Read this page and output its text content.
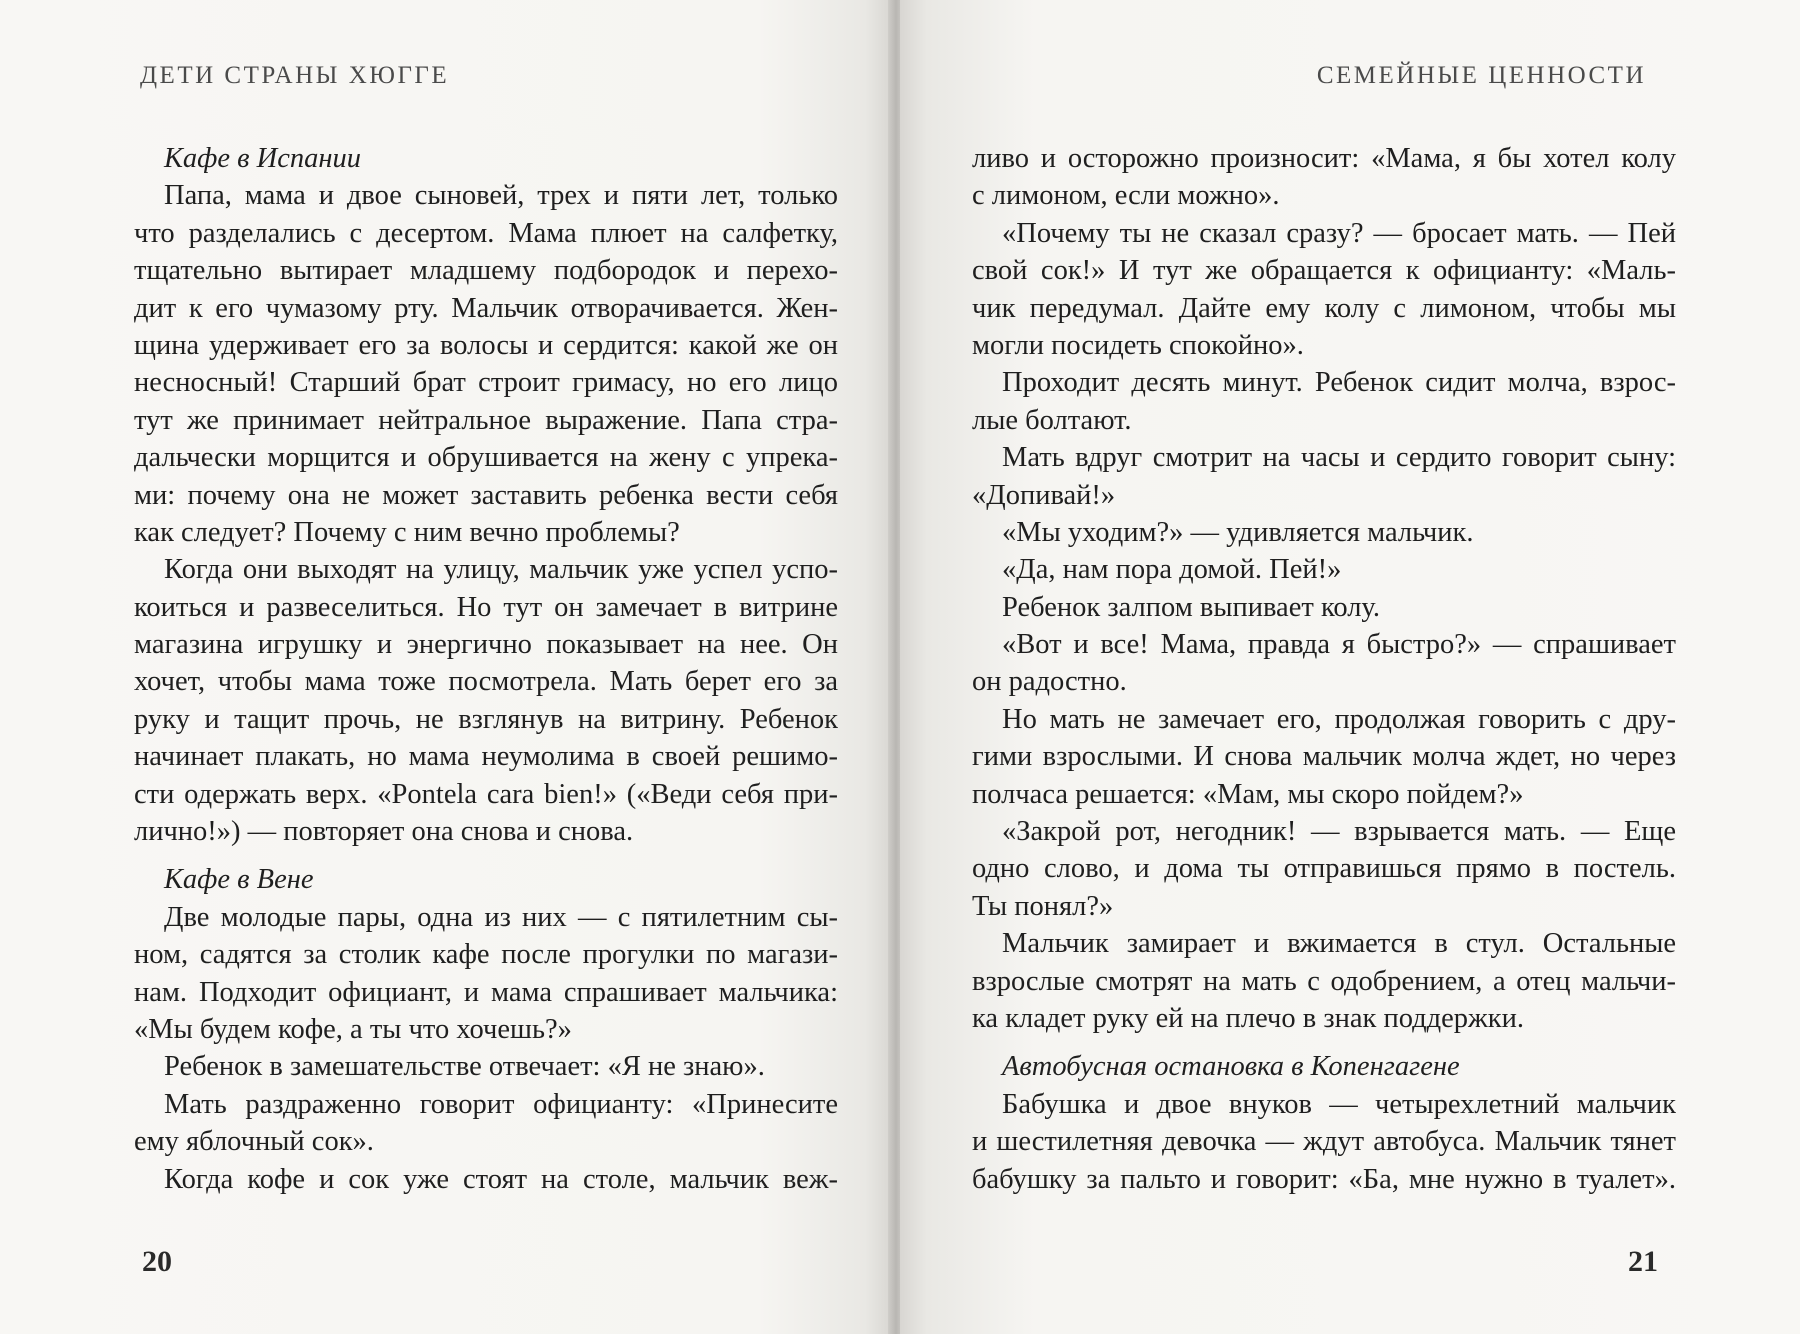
ДЕТИ СТРАНЫ ХЮГГЕ
Кафе в Испании
Папа, мама и двое сыновей, трех и пяти лет, только
что разделались с десертом. Мама плюет на салфетку,
тщательно вытирает младшему подбородок и перехо-
дит к его чумазому рту. Мальчик отворачивается. Жен-
щина удерживает его за волосы и сердится: какой же он
несносный! Старший брат строит гримасу, но его лицо
тут же принимает нейтральное выражение. Папа стра-
дальчески морщится и обрушивается на жену с упрека-
ми: почему она не может заставить ребенка вести себя
как следует? Почему с ним вечно проблемы?
Когда они выходят на улицу, мальчик уже успел успо-
коиться и развеселиться. Но тут он замечает в витрине
магазина игрушку и энергично показывает на нее. Он
хочет, чтобы мама тоже посмотрела. Мать берет его за
руку и тащит прочь, не взглянув на витрину. Ребенок
начинает плакать, но мама неумолима в своей решимо-
сти одержать верх. «Pontela cara bien!» («Веди себя при-
лично!») — повторяет она снова и снова.
Кафе в Вене
Две молодые пары, одна из них — с пятилетним сы-
ном, садятся за столик кафе после прогулки по магази-
нам. Подходит официант, и мама спрашивает мальчика:
«Мы будем кофе, а ты что хочешь?»
Ребенок в замешательстве отвечает: «Я не знаю».
Мать раздраженно говорит официанту: «Принесите
ему яблочный сок».
Когда кофе и сок уже стоят на столе, мальчик веж-
20
СЕМЕЙНЫЕ ЦЕННОСТИ
ливо и осторожно произносит: «Мама, я бы хотел колу
с лимоном, если можно».
«Почему ты не сказал сразу? — бросает мать. — Пей
свой сок!» И тут же обращается к официанту: «Маль-
чик передумал. Дайте ему колу с лимоном, чтобы мы
могли посидеть спокойно».
Проходит десять минут. Ребенок сидит молча, взрос-
лые болтают.
Мать вдруг смотрит на часы и сердито говорит сыну:
«Допивай!»
«Мы уходим?» — удивляется мальчик.
«Да, нам пора домой. Пей!»
Ребенок залпом выпивает колу.
«Вот и все! Мама, правда я быстро?» — спрашивает
он радостно.
Но мать не замечает его, продолжая говорить с дру-
гими взрослыми. И снова мальчик молча ждет, но через
полчаса решается: «Мам, мы скоро пойдем?»
«Закрой рот, негодник! — взрывается мать. — Еще
одно слово, и дома ты отправишься прямо в постель.
Ты понял?»
Мальчик замирает и вжимается в стул. Остальные
взрослые смотрят на мать с одобрением, а отец мальчи-
ка кладет руку ей на плечо в знак поддержки.
Автобусная остановка в Копенгагене
Бабушка и двое внуков — четырехлетний мальчик
и шестилетняя девочка — ждут автобуса. Мальчик тянет
бабушку за пальто и говорит: «Ба, мне нужно в туалет».
21
